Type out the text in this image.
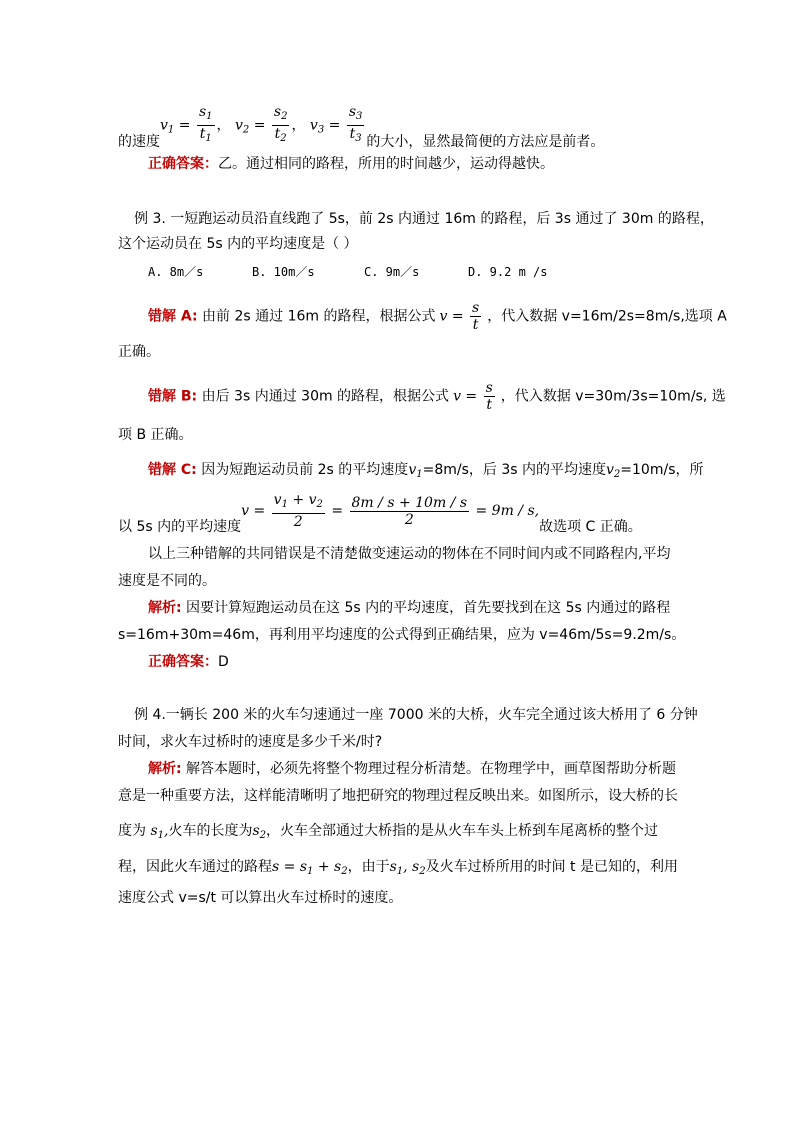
的速度$v_1 = \frac{s_1}{t_1}$ ， $v_2 = \frac{s_2}{t_2}$ ， $v_3 = \frac{s_3}{t_3}$ 的大小，显然最简便的方法应是前者。
正确答案：乙。通过相同的路程，所用的时间越少，运动得越快。
例 3. 一短跑运动员沿直线跑了 5s，前 2s 内通过 16m 的路程，后 3s 通过了 30m 的路程，
这个运动员在 5s 内的平均速度是（ ）
A. 8m／s	B. 10m／s	C. 9m／s	D. 9.2 m /s
错解 A: 由前 2s 通过 16m 的路程，根据公式 $v = \frac{s}{t}$ ，代入数据 v=16m/2s=8m/s,选项 A
正确。
错解 B: 由后 3s 内通过 30m 的路程，根据公式 $v = \frac{s}{t}$ ，代入数据 v=30m/3s=10m/s, 选
项 B 正确。
错解 C: 因为短跑运动员前 2s 的平均速度$v_1=8m/s$，后 3s 内的平均速度$v_2=10m/s$，所
以 5s 内的平均速度$v = \frac{v_1 + v_2}{2} = \frac{8m / s + 10m / s}{2} = 9m / s$,故选项 C 正确。
以上三种错解的共同错误是不清楚做变速运动的物体在不同时间内或不同路程内,平均
速度是不同的。
解析: 因要计算短跑运动员在这 5s 内的平均速度，首先要找到在这 5s 内通过的路程
s=16m+30m=46m，再利用平均速度的公式得到正确结果，应为 v=46m/5s=9.2m/s。
正确答案：D
例 4.一辆长 200 米的火车匀速通过一座 7000 米的大桥，火车完全通过该大桥用了 6 分钟
时间，求火车过桥时的速度是多少千米/时?
解析: 解答本题时，必须先将整个物理过程分析清楚。在物理学中，画草图帮助分析题
意是一种重要方法，这样能清晰明了地把研究的物理过程反映出来。如图所示，设大桥的长
度为 $s_1$,火车的长度为$s_2$，火车全部通过大桥指的是从火车车头上桥到车尾离桥的整个过
程，因此火车通过的路程$s = s_1 + s_2$，由于$s_1$, $s_2$及火车过桥所用的时间 t 是已知的，利用
速度公式 v=s/t 可以算出火车过桥时的速度。
